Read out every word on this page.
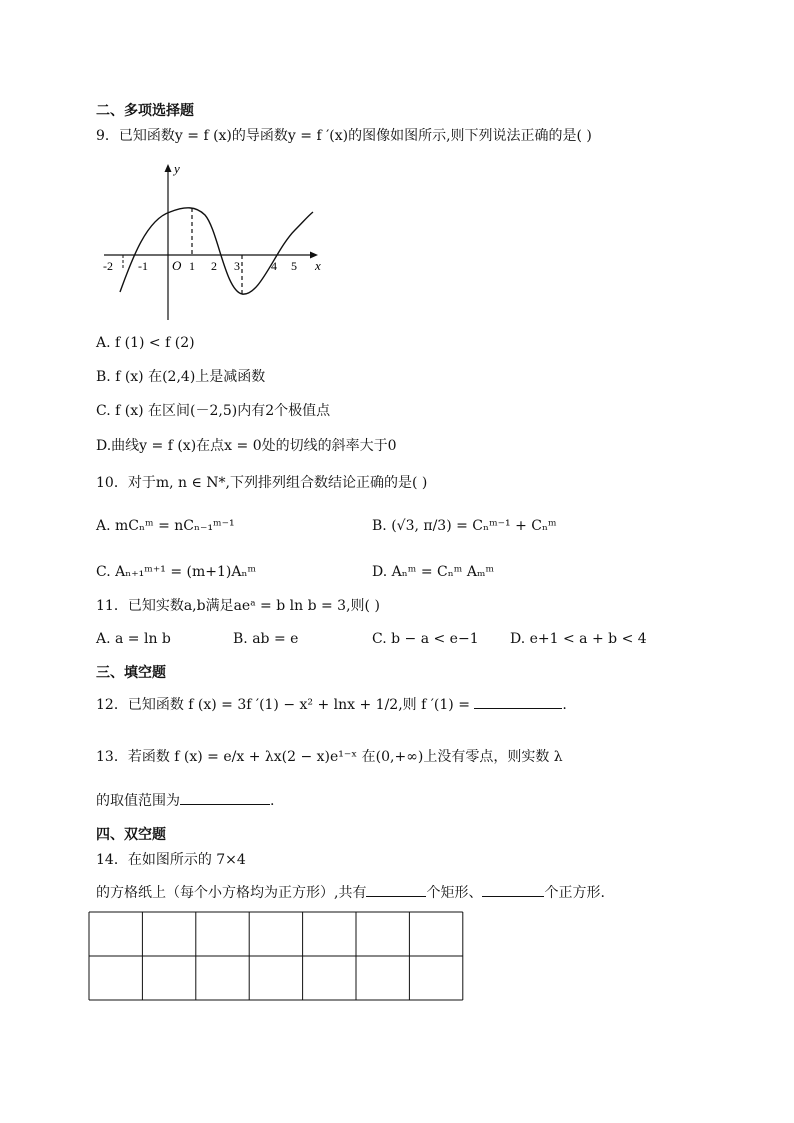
二、多项选择题
9．已知函数y = f (x)的导函数y = f ′(x)的图像如图所示,则下列说法正确的是( )
y
x
O
-2 -1	1 2 3	4 5
A. f (1) < f (2)
B. f (x) 在(2,4)上是减函数
C. f (x) 在区间(－2,5)内有2个极值点
D.曲线y = f (x)在点x = 0处的切线的斜率大于0
10．对于m, n ∈ N*,下列排列组合数结论正确的是( )
A. mCₙᵐ = nCₙ₋₁ᵐ⁻¹	B. (√3, π/3) = Cₙᵐ⁻¹ + Cₙᵐ
C. Aₙ₊₁ᵐ⁺¹ = (m+1)Aₙᵐ	D. Aₙᵐ = Cₙᵐ Aₘᵐ
11．已知实数a,b满足aeᵃ = b ln b = 3,则( )
A. a = ln b	B. ab = e	C. b − a < e−1 D. e+1 < a + b < 4
三、填空题
12．已知函数 f (x) = 3f ′(1) − x² + lnx + 1/2,则 f ′(1) =	.
13．若函数 f (x) = e/x + λx(2 − x)e¹⁻ˣ 在(0,+∞)上没有零点，则实数 λ
的取值范围为	.
四、双空题
14．在如图所示的 7×4
的方格纸上（每个小方格均为正方形）,共有	个矩形、	个正方形.
